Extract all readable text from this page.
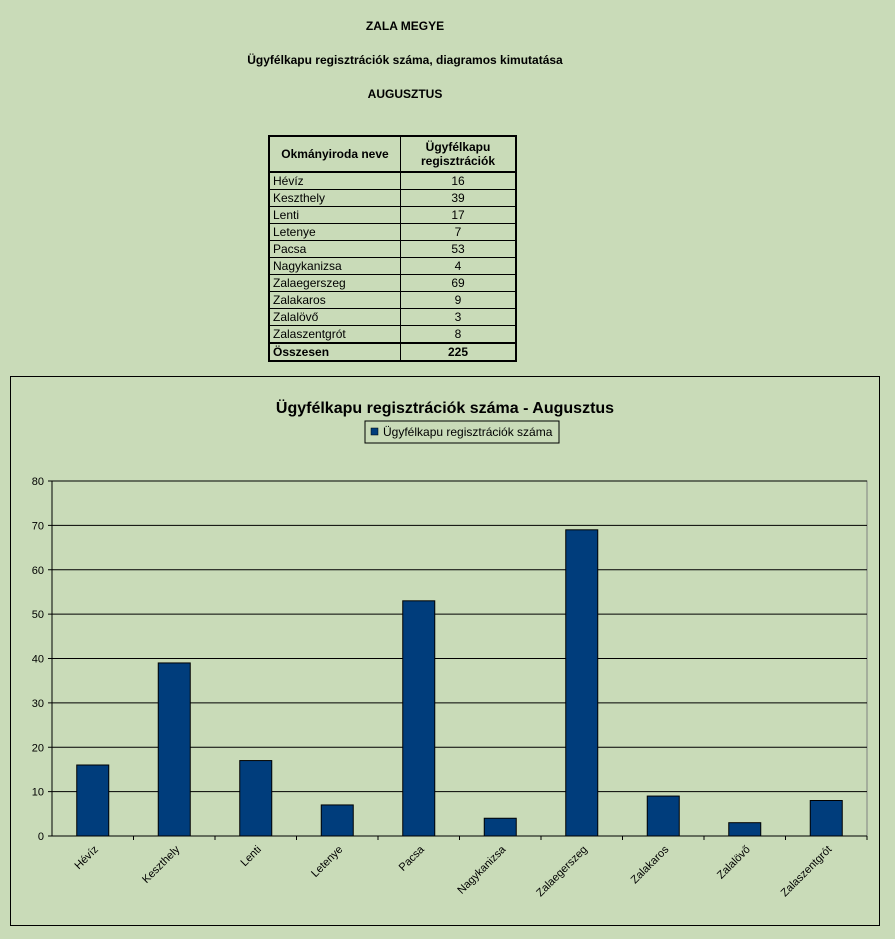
ZALA MEGYE
Ügyfélkapu regisztrációk száma, diagramos kimutatása
AUGUSZTUS
Okmányiroda neve	Ügyfélkapu
regisztrációk
Hévíz	16
Keszthely	39
Lenti	17
Letenye	7
Pacsa	53
Nagykanizsa	4
Zalaegerszeg	69
Zalakaros	9
Zalalövő	3
Zalaszentgrót	8
Összesen	225
Ügyfélkapu regisztrációk száma - Augusztus
Ügyfélkapu regisztrációk száma
0
10
20
30
40
50
60
70
80
Hévíz	Keszthely	Lenti	Letenye	Pacsa	Nagykanizsa Zalaegerszeg	Zalakaros	Zalalövő Zalaszentgrót
